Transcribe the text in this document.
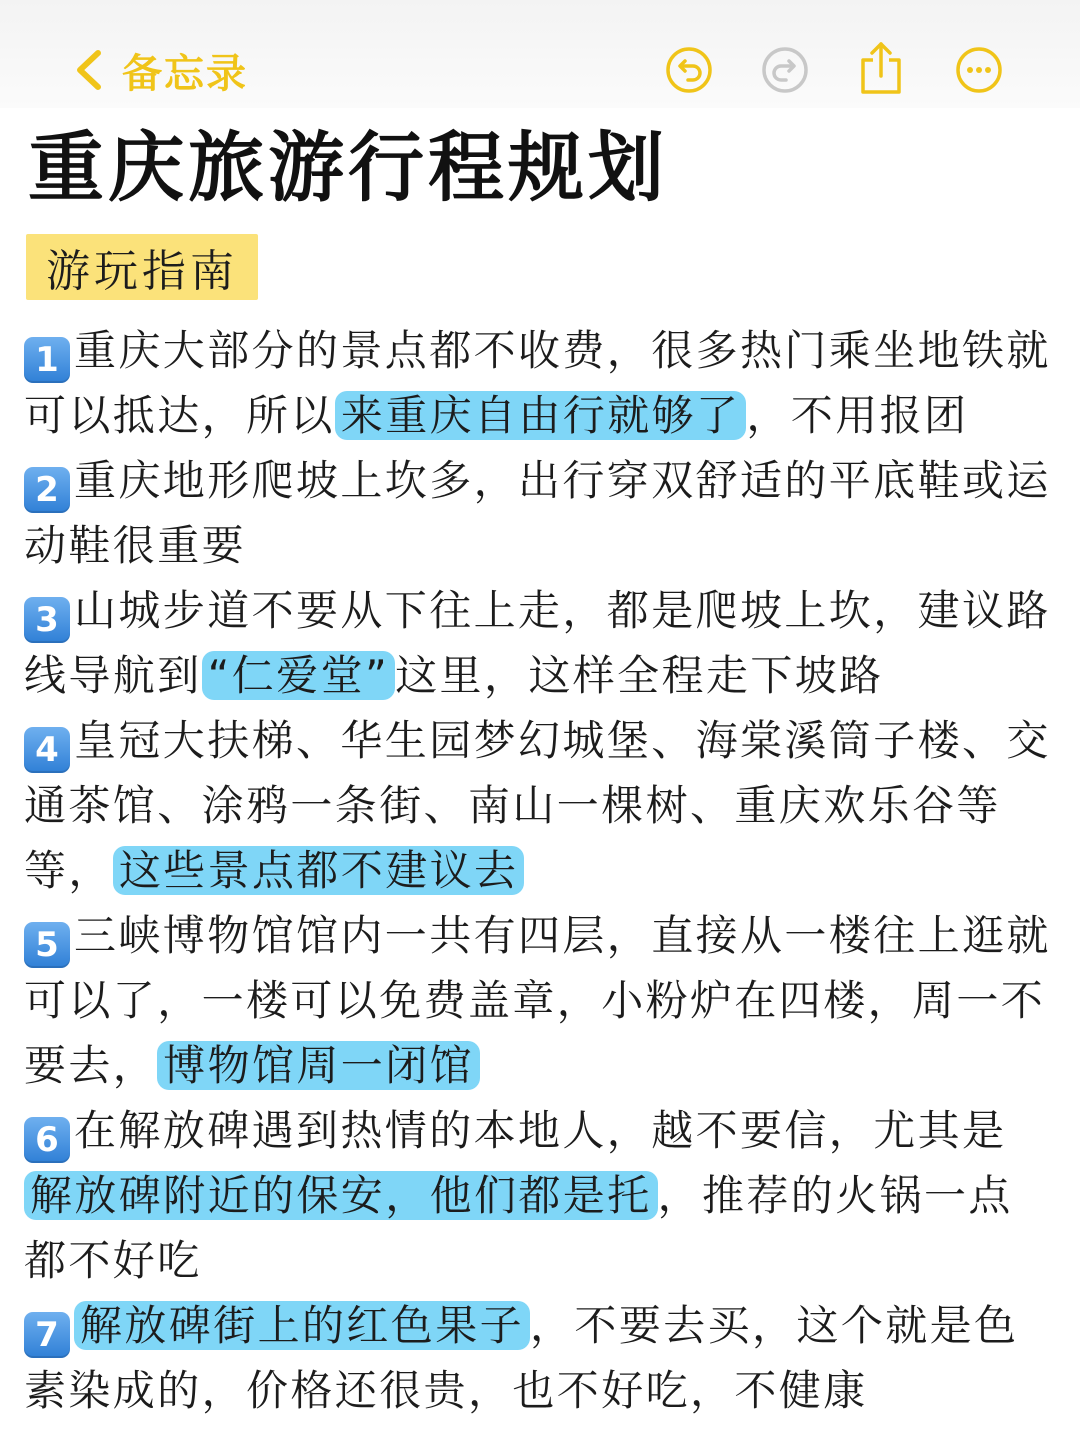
备忘录
重庆旅游行程规划
游玩指南

1 重庆大部分的景点都不收费，很多热门乘坐地铁就可以抵达，所以 来重庆自由行就够了 ，不用报团

2 重庆地形爬坡上坎多，出行穿双舒适的平底鞋或运动鞋很重要

3 山城步道不要从下往上走，都是爬坡上坎，建议路线导航到 “仁爱堂” 这里，这样全程走下坡路

4 皇冠大扶梯、华生园梦幻城堡、海棠溪筒子楼、交通茶馆、涂鸦一条街、南山一棵树、重庆欢乐谷等等， 这些景点都不建议去

5 三峡博物馆馆内一共有四层，直接从一楼往上逛就可以了，一楼可以免费盖章，小粉炉在四楼，周一不要去， 博物馆周一闭馆

6 在解放碑遇到热情的本地人，越不要信，尤其是解放碑附近的保安，他们都是托 ，推荐的火锅一点都不好吃

7 解放碑街上的红色果子 ，不要去买，这个就是色素染成的，价格还很贵，也不好吃，不健康
